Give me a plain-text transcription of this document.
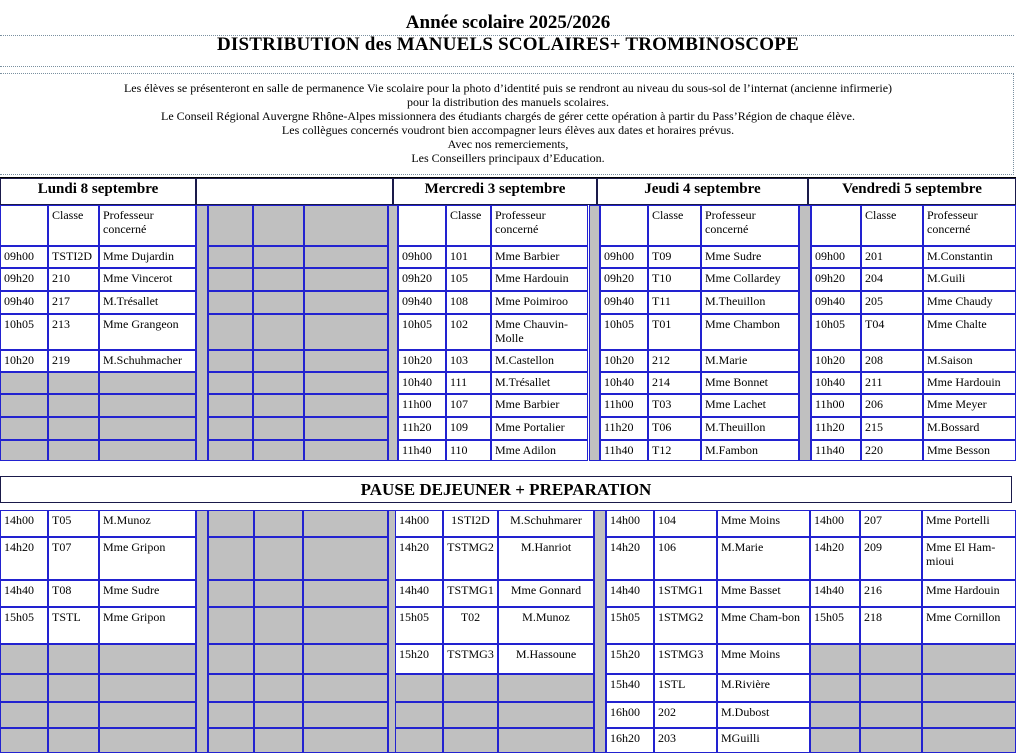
Année scolaire 2025/2026
DISTRIBUTION des MANUELS SCOLAIRES+ TROMBINOSCOPE
Les élèves se présenteront en salle de permanence Vie scolaire pour la photo d’identité puis se rendront au niveau du sous-sol de l’internat (ancienne infirmerie)
pour la distribution des manuels scolaires.
Le Conseil Régional Auvergne Rhône-Alpes missionnera des étudiants chargés de gérer cette opération à partir du Pass’Région de chaque élève.
Les collègues concernés voudront bien accompagner leurs élèves aux dates et horaires prévus.
Avec nos remerciements,
Les Conseillers principaux d’Education.
Lundi 8 septembre	Mercredi 3 septembre	Jeudi 4 septembre	Vendredi 5 septembre
Classe	Professeur concerné
09h00	TSTI2D Mme Dujardin
09h20	210	Mme Vincerot
09h40	217	M.Trésallet
10h05	213	Mme Grangeon
10h20	219	M.Schuhmacher
Classe	Professeur concerné
09h00	101	Mme Barbier
09h20	105	Mme Hardouin
09h40	108	Mme Poimiroo
10h05	102	Mme Chauvin-Molle
10h20	103	M.Castellon
10h40	111	M.Trésallet
11h00	107	Mme Barbier
11h20	109	Mme Portalier
11h40	110	Mme Adilon
Classe	Professeur concerné
09h00	T09	Mme Sudre
09h20	T10	Mme Collardey
09h40	T11	M.Theuillon
10h05	T01	Mme Chambon
10h20	212	M.Marie
10h40	214	Mme Bonnet
11h00	T03	Mme Lachet
11h20	T06	M.Theuillon
11h40	T12	M.Fambon
Classe	Professeur concerné
09h00	201	M.Constantin
09h20	204	M.Guili
09h40	205	Mme Chaudy
10h05	T04	Mme Chalte
10h20	208	M.Saison
10h40	211	Mme Hardouin
11h00	206	Mme Meyer
11h20	215	M.Bossard
11h40	220	Mme Besson
PAUSE DEJEUNER + PREPARATION
14h00	T05	M.Munoz
14h20	T07	Mme Gripon
14h40	T08	Mme Sudre
15h05	TSTL	Mme Gripon
14h00	1STI2D	M.Schuhmarer
14h20	TSTMG2	M.Hanriot
14h40	TSTMG1	Mme Gonnard
15h05	T02	M.Munoz
15h20	TSTMG3	M.Hassoune
14h00	104	Mme Moins
14h20	106	M.Marie
14h40	1STMG1	Mme Basset
15h05	1STMG2	Mme Cham-bon
15h20	1STMG3	Mme Moins
15h40	1STL	M.Rivière
16h00	202	M.Dubost
16h20	203	MGuilli
14h00	207	Mme Portelli
14h20	209	Mme El Ham-mioui
14h40	216	Mme Hardouin
15h05	218	Mme Cornillon
